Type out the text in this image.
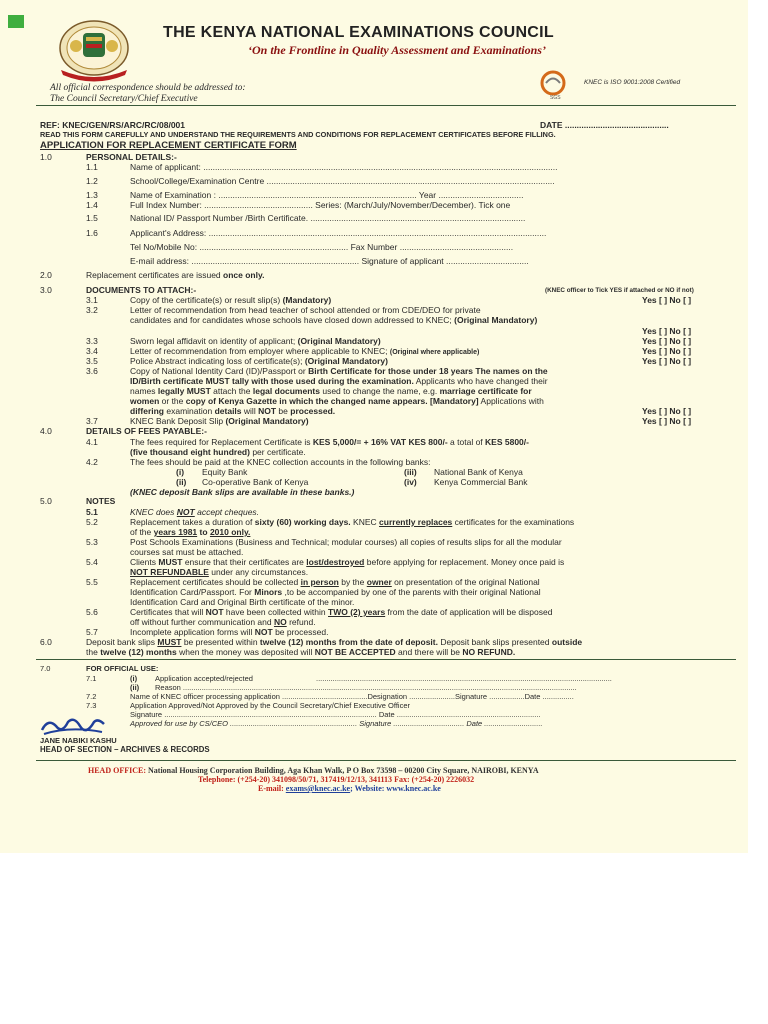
THE KENYA NATIONAL EXAMINATIONS COUNCIL
‘On the Frontline in Quality Assessment and Examinations’
All official correspondence should be addressed to:
The Council Secretary/Chief Executive	SGS
KNEC is ISO 9001:2008 Certified
REF: KNEC/GEN/RS/ARC/RC/08/001	DATE ............................................
READ THIS FORM CAREFULLY AND UNDERSTAND THE REQUIREMENTS AND CONDITIONS FOR REPLACEMENT CERTIFICATES BEFORE FILLING.
APPLICATION FOR REPLACEMENT CERTIFICATE FORM
1.0	PERSONAL DETAILS:-
1.1	Name of applicant: ......................................................................................................................................................
1.2	School/College/Examination Centre ..........................................................................................................................
1.3	Name of Examination : .................................................................................... Year ....................................
1.4	Full Index Number: .............................................. Series: (March/July/November/December). Tick one
1.5	National ID/ Passport Number /Birth Certificate. ...........................................................................................
1.6	Applicant's Address: ...............................................................................................................................................
Tel No/Mobile No: ............................................................... Fax Number ................................................
E-mail address: ....................................................................... Signature of applicant ...................................
2.0	Replacement certificates are issued once only.
3.0	DOCUMENTS TO ATTACH:-	(KNEC officer to Tick YES if attached or NO if not)
3.1	Copy of the certificate(s) or result slip(s) (Mandatory)	Yes [ ] No [ ]
3.2	Letter of recommendation from head teacher of school attended or from CDE/DEO for private
candidates and for candidates whose schools have closed down addressed to KNEC; (Original Mandatory)
Yes [ ] No [ ]
3.3	Sworn legal affidavit on identity of applicant; (Original Mandatory)	Yes [ ] No [ ]
3.4	Letter of recommendation from employer where applicable to KNEC; (Original where applicable)	Yes [ ] No [ ]
3.5	Police Abstract indicating loss of certificate(s); (Original Mandatory)	Yes [ ] No [ ]
3.6	Copy of National Identity Card (ID)/Passport or Birth Certificate for those under 18 years The names on the
ID/Birth certificate MUST tally with those used during the examination. Applicants who have changed their
names legally MUST attach the legal documents used to change the name, e.g. marriage certificate for
women or the copy of Kenya Gazette in which the changed name appears. [Mandatory] Applications with
differing examination details will NOT be processed.	Yes [ ] No [ ]
3.7	KNEC Bank Deposit Slip (Original Mandatory)	Yes [ ] No [ ]
4.0	DETAILS OF FEES PAYABLE:-
4.1	The fees required for Replacement Certificate is KES 5,000/= + 16% VAT KES 800/- a total of KES 5800/-
(five thousand eight hundred) per certificate.
4.2	The fees should be paid at the KNEC collection accounts in the following banks:
(i) Equity Bank	(iii) National Bank of Kenya
(ii) Co-operative Bank of Kenya	(iv) Kenya Commercial Bank
(KNEC deposit Bank slips are available in these banks.)
5.0	NOTES
5.1	KNEC does NOT accept cheques.
5.2	Replacement takes a duration of sixty (60) working days. KNEC currently replaces certificates for the examinations
of the years 1981 to 2010 only.
5.3	Post Schools Examinations (Business and Technical; modular courses) all copies of results slips for all the modular
courses sat must be attached.
5.4	Clients MUST ensure that their certificates are lost/destroyed before applying for replacement. Money once paid is
NOT REFUNDABLE under any circumstances.
5.5	Replacement certificates should be collected in person by the owner on presentation of the original National
Identification Card/Passport. For Minors ,to be accompanied by one of the parents with their original National
Identification Card and Original Birth certificate of the minor.
5.6	Certificates that will NOT have been collected within TWO (2) years from the date of application will be disposed
off without further communication and NO refund.
5.7	Incomplete application forms will NOT be processed.
6.0	Deposit bank slips MUST be presented within twelve (12) months from the date of deposit. Deposit bank slips presented outside
the twelve (12) months when the money was deposited will NOT BE ACCEPTED and there will be NO REFUND.
7.0	FOR OFFICIAL USE:
7.1	(i) Application accepted/rejected	..............................................................................................................................................
(ii) Reason .............................................................................................................................................................................................
7.2	Name of KNEC officer processing application .........................................Designation ......................Signature .................Date ...............
7.3	Application Approved/Not Approved by the Council Secretary/Chief Executive Officer
Signature ...................................................................................................... Date .....................................................................
Approved for use by CS/CEO ............................................................. Signature .................................. Date ............................
JANE NABIKI KASHU
HEAD OF SECTION – ARCHIVES & RECORDS
HEAD OFFICE: National Housing Corporation Building, Aga Khan Walk, P O Box 73598 – 00200 City Square, NAIROBI, KENYA
Telephone: (+254-20) 341098/50/71, 317419/12/13, 341113 Fax: (+254-20) 2226032
E-mail: exams@knec.ac.ke; Website: www.knec.ac.ke
